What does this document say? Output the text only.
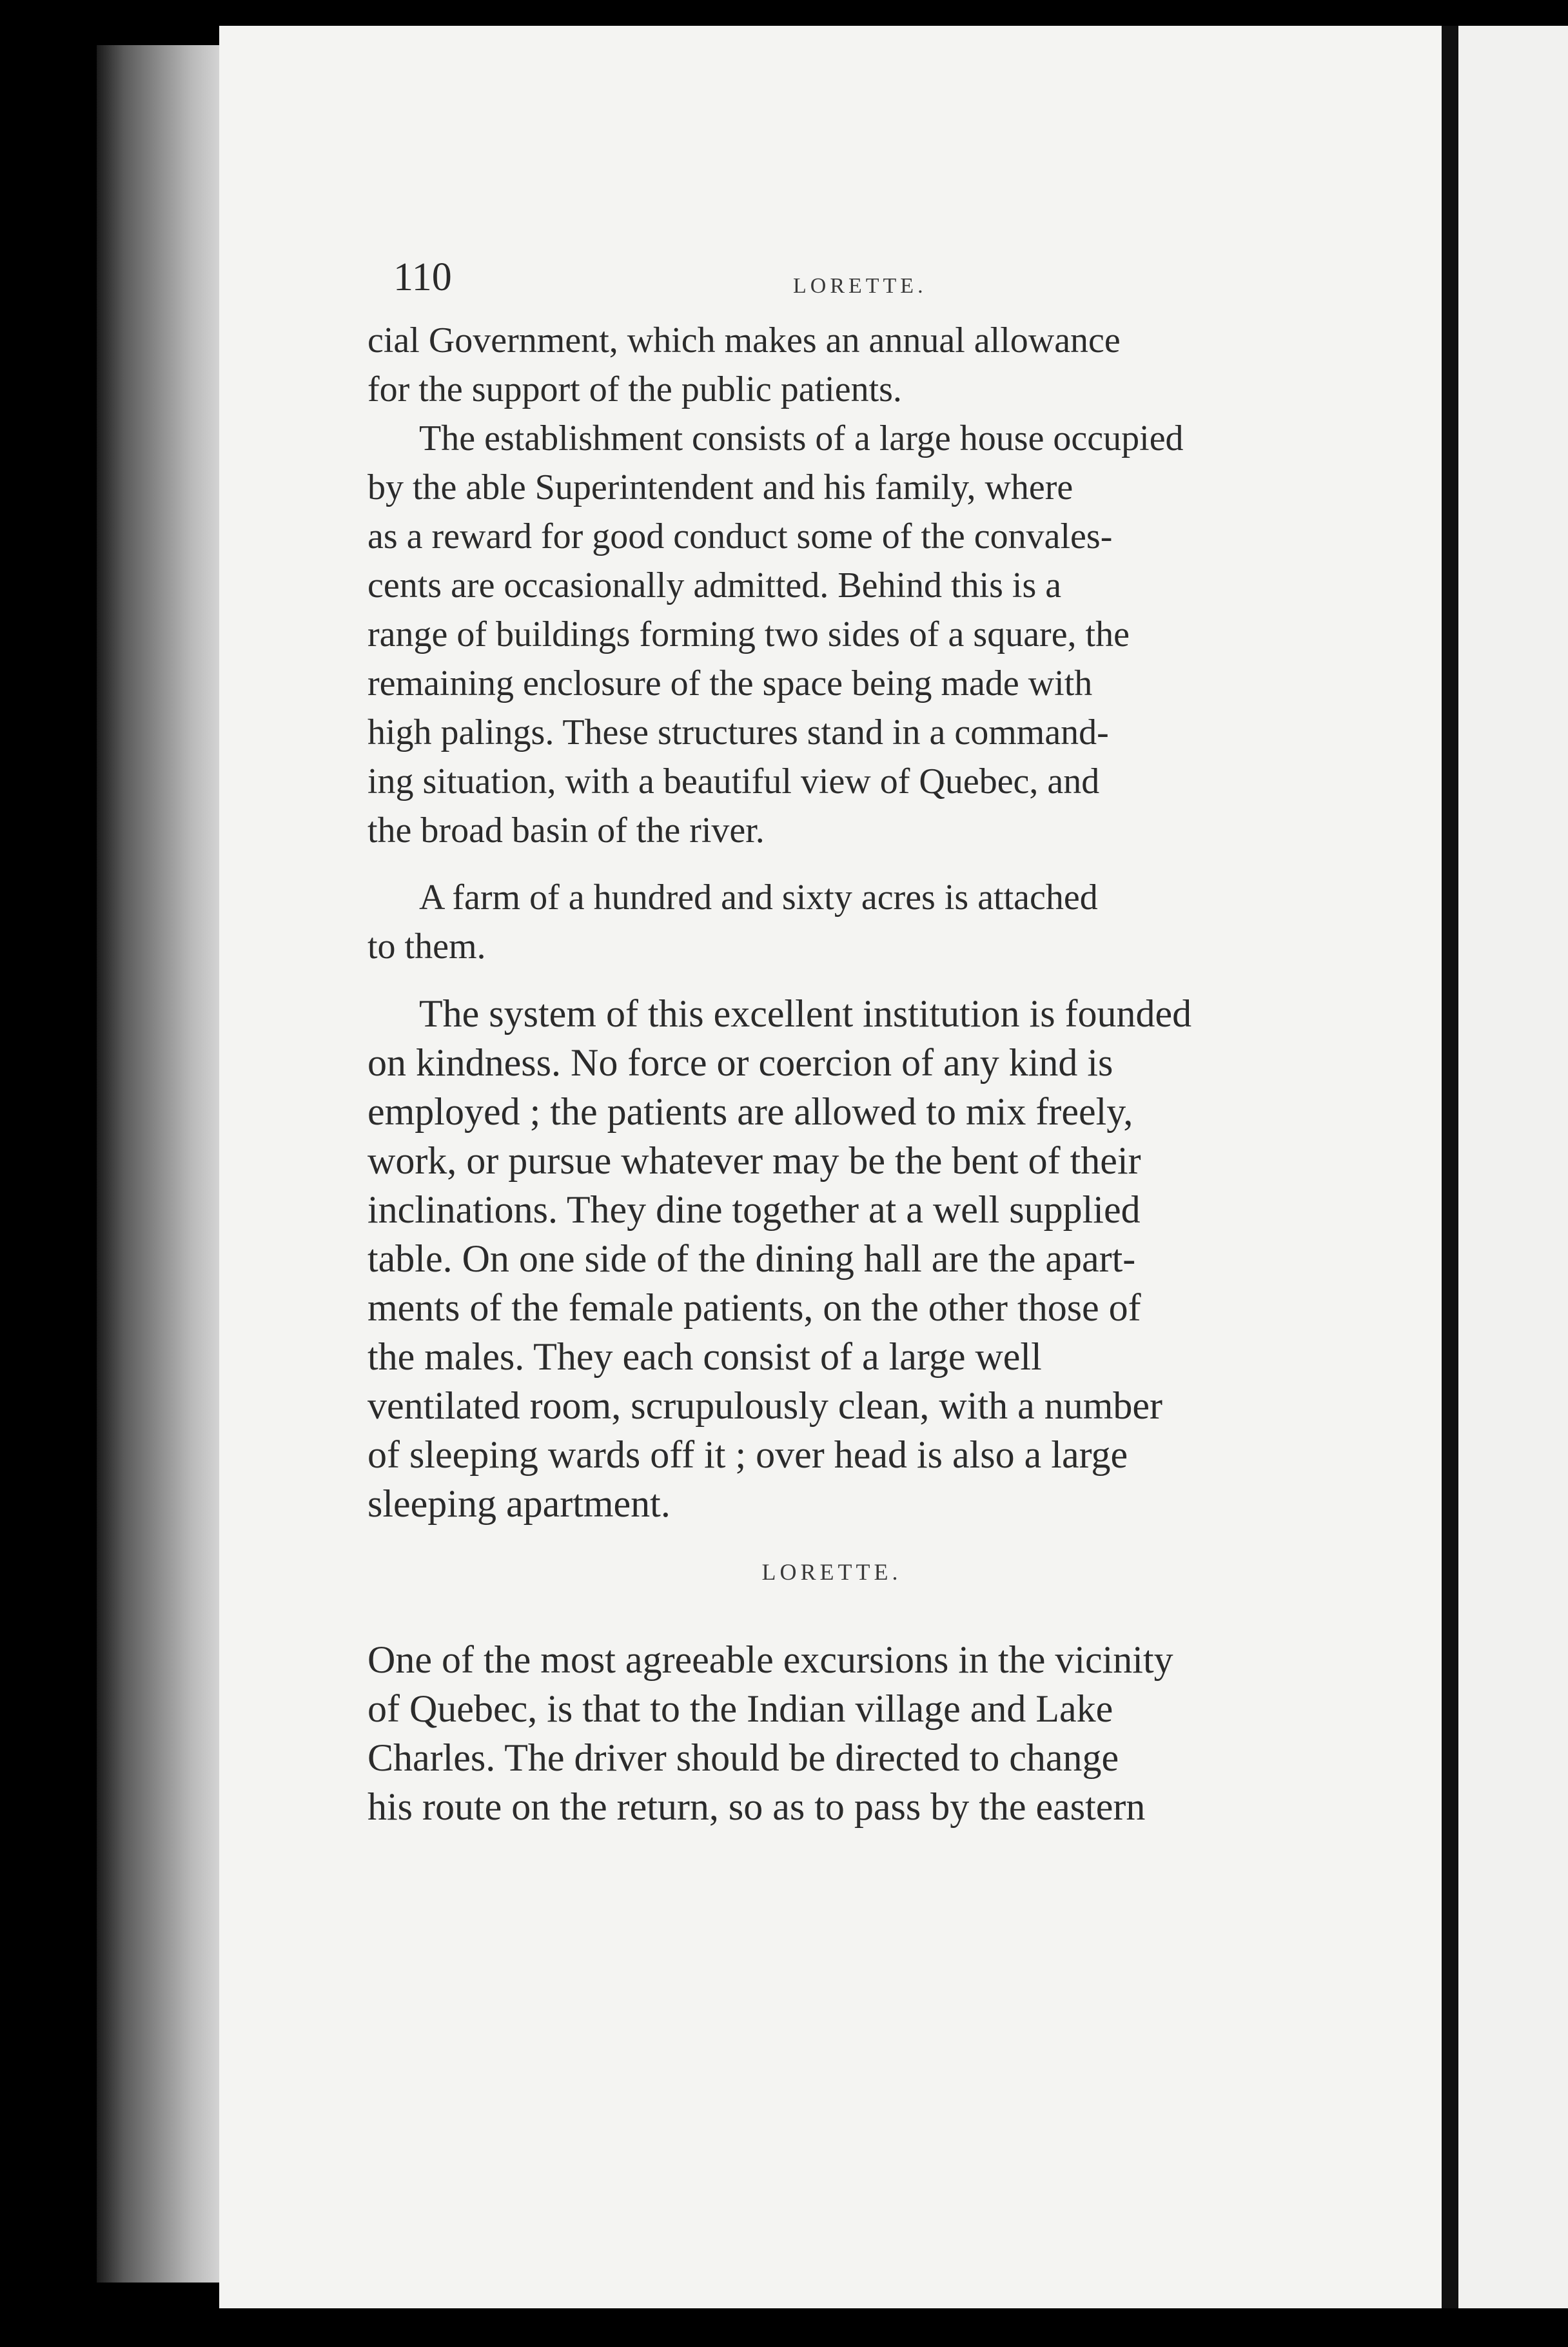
110	LORETTE.
cial Government, which makes an annual allowance
for the support of the public patients.
The establishment consists of a large house occupied
by the able Superintendent and his family, where
as a reward for good conduct some of the convales-
cents are occasionally admitted. Behind this is a
range of buildings forming two sides of a square, the
remaining enclosure of the space being made with
high palings. These structures stand in a command-
ing situation, with a beautiful view of Quebec, and
the broad basin of the river.
A farm of a hundred and sixty acres is attached
to them.
The system of this excellent institution is founded
on kindness. No force or coercion of any kind is
employed ; the patients are allowed to mix freely,
work, or pursue whatever may be the bent of their
inclinations. They dine together at a well supplied
table. On one side of the dining hall are the apart-
ments of the female patients, on the other those of
the males. They each consist of a large well
ventilated room, scrupulously clean, with a number
of sleeping wards off it ; over head is also a large
sleeping apartment.
LORETTE.
One of the most agreeable excursions in the vicinity
of Quebec, is that to the Indian village and Lake
Charles. The driver should be directed to change
his route on the return, so as to pass by the eastern
